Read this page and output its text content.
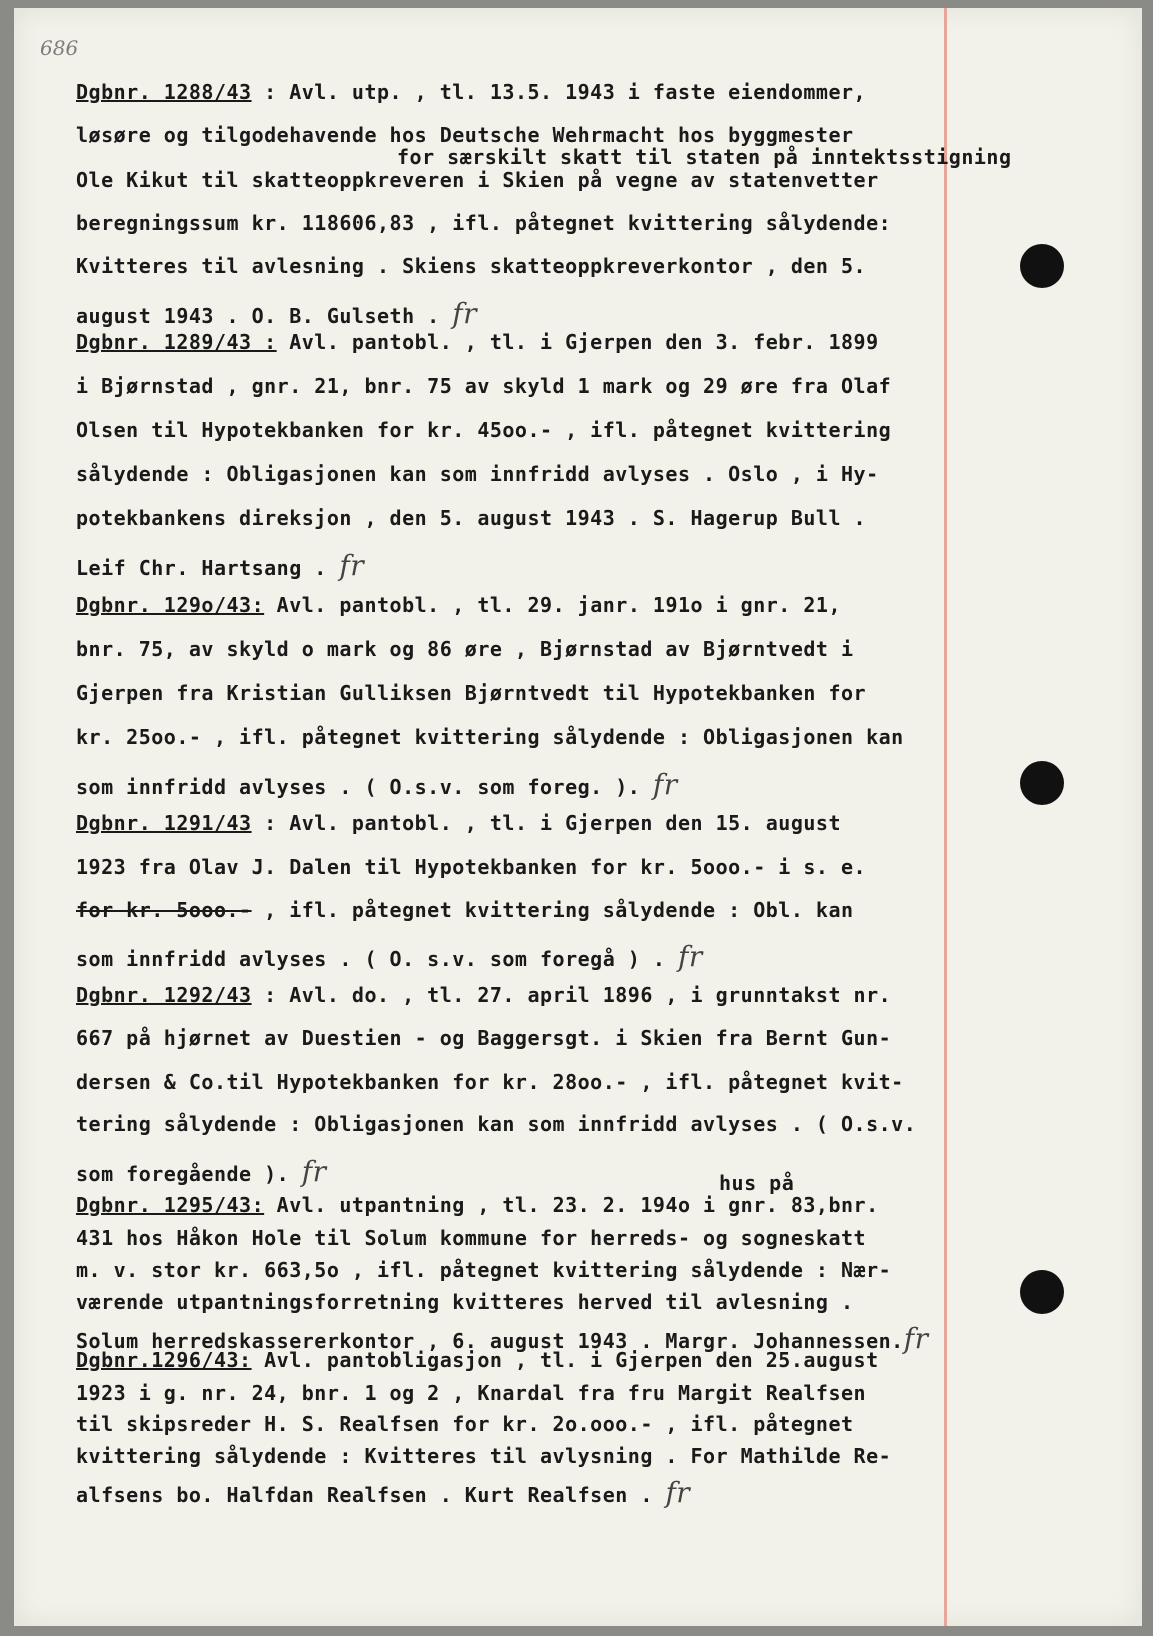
686
Dgbnr. 1288/43 : Avl. utp. , tl. 13.5. 1943 i faste eiendommer,
løsøre og tilgodehavende hos Deutsche Wehrmacht hos byggmester
for særskilt skatt til staten på inntektsstigning
Ole Kikut til skatteoppkreveren i Skien på vegne av statenvetter
beregningssum kr. 118606,83 , ifl. påtegnet kvittering sålydende:
Kvitteres til avlesning . Skiens skatteoppkreverkontor , den 5.
august 1943 . O. B. Gulseth . fr
Dgbnr. 1289/43 : Avl. pantobl. , tl. i Gjerpen den 3. febr. 1899
i Bjørnstad , gnr. 21, bnr. 75 av skyld 1 mark og 29 øre fra Olaf
Olsen til Hypotekbanken for kr. 45oo.- , ifl. påtegnet kvittering
sålydende : Obligasjonen kan som innfridd avlyses . Oslo , i Hy-
potekbankens direksjon , den 5. august 1943 . S. Hagerup Bull .
Leif Chr. Hartsang . fr
Dgbnr. 129o/43: Avl. pantobl. , tl. 29. janr. 191o i gnr. 21,
bnr. 75, av skyld o mark og 86 øre , Bjørnstad av Bjørntvedt i
Gjerpen fra Kristian Gulliksen Bjørntvedt til Hypotekbanken for
kr. 25oo.- , ifl. påtegnet kvittering sålydende : Obligasjonen kan
som innfridd avlyses . ( O.s.v. som foreg. ). fr
Dgbnr. 1291/43 : Avl. pantobl. , tl. i Gjerpen den 15. august
1923 fra Olav J. Dalen til Hypotekbanken for kr. 5ooo.- i s. e.
for kr. 5ooo.- , ifl. påtegnet kvittering sålydende : Obl. kan
som innfridd avlyses . ( O. s.v. som foregå ) . fr
Dgbnr. 1292/43 : Avl. do. , tl. 27. april 1896 , i grunntakst nr.
667 på hjørnet av Duestien - og Baggersgt. i Skien fra Bernt Gun-
dersen & Co.til Hypotekbanken for kr. 28oo.- , ifl. påtegnet kvit-
tering sålydende : Obligasjonen kan som innfridd avlyses . ( O.s.v.
som foregående ). fr	hus på
Dgbnr. 1295/43: Avl. utpantning , tl. 23. 2. 194o i gnr. 83,bnr.
431 hos Håkon Hole til Solum kommune for herreds- og sogneskatt
m. v. stor kr. 663,5o , ifl. påtegnet kvittering sålydende : Nær-
værende utpantningsforretning kvitteres herved til avlesning .
Solum herredskassererkontor , 6. august 1943 . Margr. Johannessen.fr
Dgbnr.1296/43: Avl. pantobligasjon , tl. i Gjerpen den 25.august
1923 i g. nr. 24, bnr. 1 og 2 , Knardal fra fru Margit Realfsen
til skipsreder H. S. Realfsen for kr. 2o.ooo.- , ifl. påtegnet
kvittering sålydende : Kvitteres til avlysning . For Mathilde Re-
alfsens bo. Halfdan Realfsen . Kurt Realfsen . fr
